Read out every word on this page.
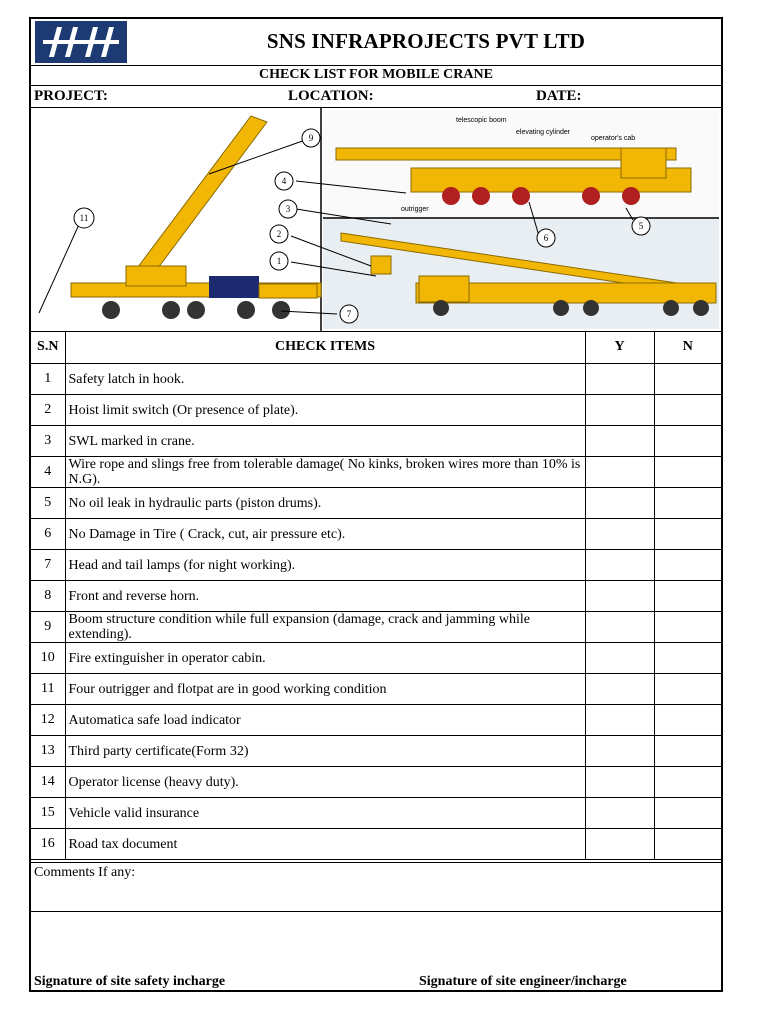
SNS INFRAPROJECTS PVT LTD
CHECK LIST FOR MOBILE CRANE
PROJECT:	LOCATION:	DATE:
telescopic boom
elevating cylinder
operator's cab
outrigger
9
4
3
2
1
7
11
6
5
S.N	CHECK ITEMS	Y	N
1	Safety latch in hook.		
2	Hoist limit switch (Or presence of plate).		
3	SWL marked in crane.		
4	Wire rope and slings free from tolerable damage( No kinks, broken wires more than 10% is N.G).		
5	No oil leak in hydraulic parts (piston drums).		
6	No Damage in Tire ( Crack, cut, air pressure etc).		
7	Head and tail lamps (for night working).		
8	Front and reverse horn.		
9	Boom structure condition while full expansion (damage, crack and jamming while extending).		
10	Fire extinguisher in operator cabin.		
11	Four outrigger and flotpat are in good working condition		
12	Automatica safe load indicator		
13	Third party certificate(Form 32)		
14	Operator license (heavy duty).		
15	Vehicle valid insurance		
16	Road tax document		
Comments If any:
Signature of site safety incharge	Signature of site engineer/incharge
